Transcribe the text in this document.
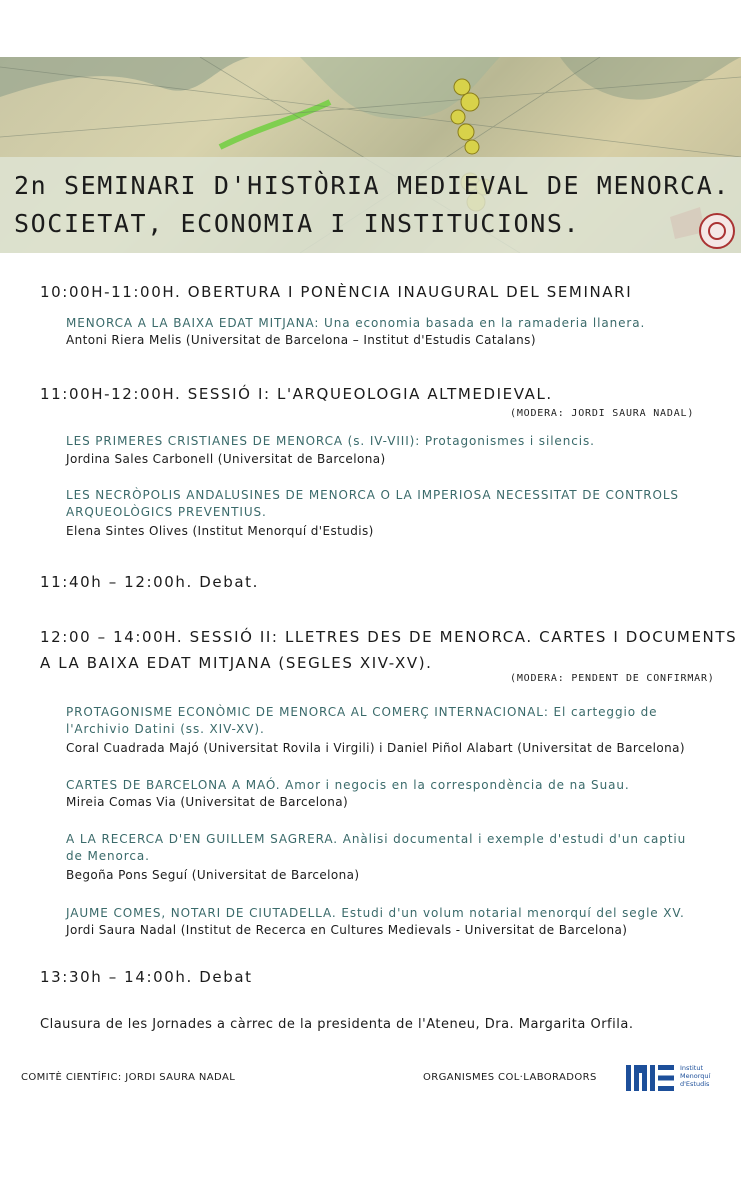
2n SEMINARI D'HISTÒRIA MEDIEVAL DE MENORCA.
SOCIETAT, ECONOMIA I INSTITUCIONS.
10:00H-11:00H. OBERTURA I PONÈNCIA INAUGURAL DEL SEMINARI
MENORCA A LA BAIXA EDAT MITJANA: Una economia basada en la ramaderia llanera.
Antoni Riera Melis (Universitat de Barcelona – Institut d'Estudis Catalans)
11:00H-12:00H. SESSIÓ I: L'ARQUEOLOGIA ALTMEDIEVAL.
(MODERA: JORDI SAURA NADAL)
LES PRIMERES CRISTIANES DE MENORCA (s. IV-VIII): Protagonismes i silencis.
Jordina Sales Carbonell (Universitat de Barcelona)
LES NECRÒPOLIS ANDALUSINES DE MENORCA O LA IMPERIOSA NECESSITAT DE CONTROLS
ARQUEOLÒGICS PREVENTIUS.
Elena Sintes Olives (Institut Menorquí d'Estudis)
11:40h – 12:00h. Debat.
12:00 – 14:00H. SESSIÓ II: LLETRES DES DE MENORCA. CARTES I DOCUMENTS
A LA BAIXA EDAT MITJANA (SEGLES XIV-XV).
(MODERA: PENDENT DE CONFIRMAR)
PROTAGONISME ECONÒMIC DE MENORCA AL COMERÇ INTERNACIONAL: El carteggio de
l'Archivio Datini (ss. XIV-XV).
Coral Cuadrada Majó (Universitat Rovila i Virgili) i Daniel Piñol Alabart (Universitat de Barcelona)
CARTES DE BARCELONA A MAÓ. Amor i negocis en la correspondència de na Suau.
Mireia Comas Via (Universitat de Barcelona)
A LA RECERCA D'EN GUILLEM SAGRERA. Anàlisi documental i exemple d'estudi d'un captiu
de Menorca.
Begoña Pons Seguí (Universitat de Barcelona)
JAUME COMES, NOTARI DE CIUTADELLA. Estudi d'un volum notarial menorquí del segle XV.
Jordi Saura Nadal (Institut de Recerca en Cultures Medievals - Universitat de Barcelona)
13:30h – 14:00h. Debat
Clausura de les Jornades a càrrec de la presidenta de l'Ateneu, Dra. Margarita Orfila.
COMITÈ CIENTÍFIC: JORDI SAURA NADAL	ORGANISMES COL·LABORADORS
Institut
Menorquí
d'Estudis
